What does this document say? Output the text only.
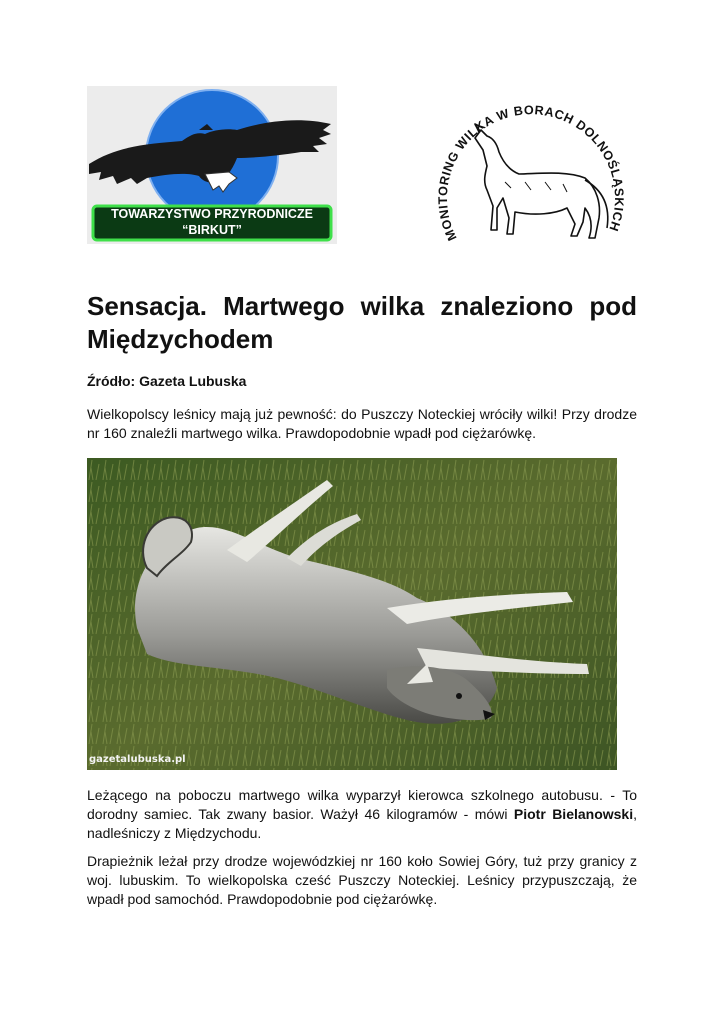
TOWARZYSTWO PRZYRODNICZE
“BIRKUT”	MONITORING WILKA W BORACH DOLNOŚLĄSKICH
Sensacja. Martwego wilka znaleziono pod Międzychodem

Źródło: Gazeta Lubuska

Wielkopolscy leśnicy mają już pewność: do Puszczy Noteckiej wróciły wilki! Przy drodze nr 160 znaleźli martwego wilka. Prawdopodobnie wpadł pod ciężarówkę.

gazetalubuska.pl

Leżącego na poboczu martwego wilka wyparzył kierowca szkolnego autobusu. - To dorodny samiec. Tak zwany basior. Ważył 46 kilogramów - mówi Piotr Bielanowski, nadleśniczy z Międzychodu.

Drapieżnik leżał przy drodze wojewódzkiej nr 160 koło Sowiej Góry, tuż przy granicy z woj. lubuskim. To wielkopolska cześć Puszczy Noteckiej. Leśnicy przypuszczają, że wpadł pod samochód. Prawdopodobnie pod ciężarówkę.
